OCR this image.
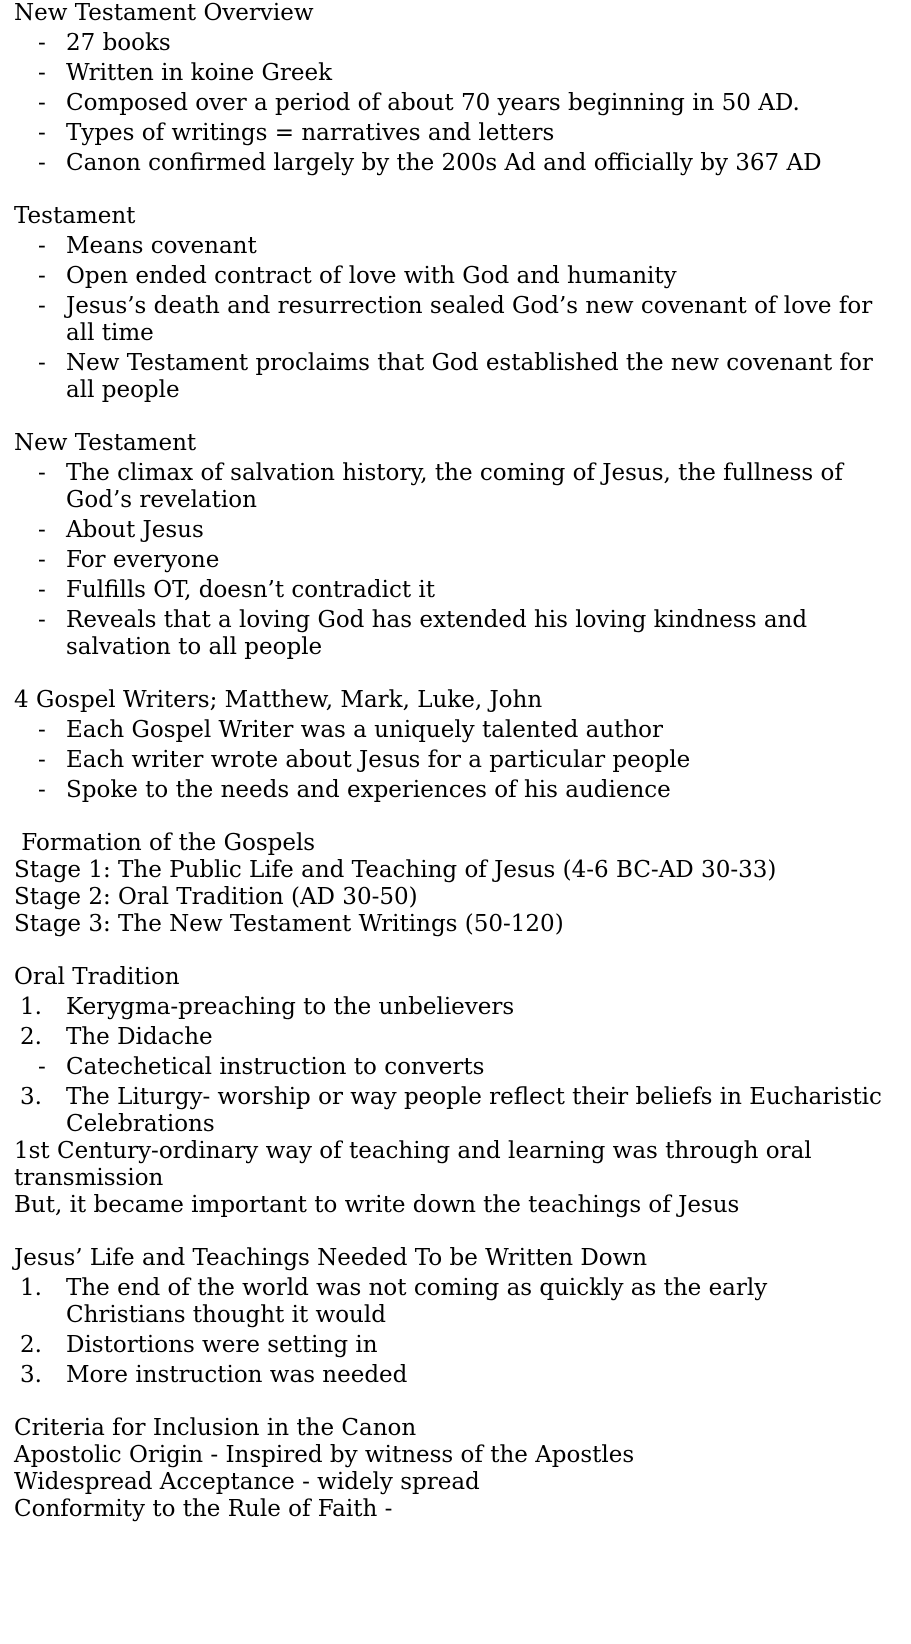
New Testament Overview
- 27 books
- Written in koine Greek
- Composed over a period of about 70 years beginning in 50 AD.
- Types of writings = narratives and letters
- Canon confirmed largely by the 200s Ad and officially by 367 AD
Testament
- Means covenant
- Open ended contract of love with God and humanity
- Jesus’s death and resurrection sealed God’s new covenant of love for all time
- New Testament proclaims that God established the new covenant for all people
New Testament
- The climax of salvation history, the coming of Jesus, the fullness of God’s revelation
- About Jesus
- For everyone
- Fulfills OT, doesn’t contradict it
- Reveals that a loving God has extended his loving kindness and salvation to all people
4 Gospel Writers; Matthew, Mark, Luke, John
- Each Gospel Writer was a uniquely talented author
- Each writer wrote about Jesus for a particular people
- Spoke to the needs and experiences of his audience
Formation of the Gospels
Stage 1: The Public Life and Teaching of Jesus (4-6 BC-AD 30-33)
Stage 2: Oral Tradition (AD 30-50)
Stage 3: The New Testament Writings (50-120)
Oral Tradition
1.	Kerygma-preaching to the unbelievers
2.	The Didache
- Catechetical instruction to converts
3.	The Liturgy- worship or way people reflect their beliefs in Eucharistic Celebrations
1st Century-ordinary way of teaching and learning was through oral transmission
But, it became important to write down the teachings of Jesus
Jesus’ Life and Teachings Needed To be Written Down
1.	The end of the world was not coming as quickly as the early Christians thought it would
2.	Distortions were setting in
3.	More instruction was needed
Criteria for Inclusion in the Canon
Apostolic Origin - Inspired by witness of the Apostles
Widespread Acceptance - widely spread
Conformity to the Rule of Faith -
